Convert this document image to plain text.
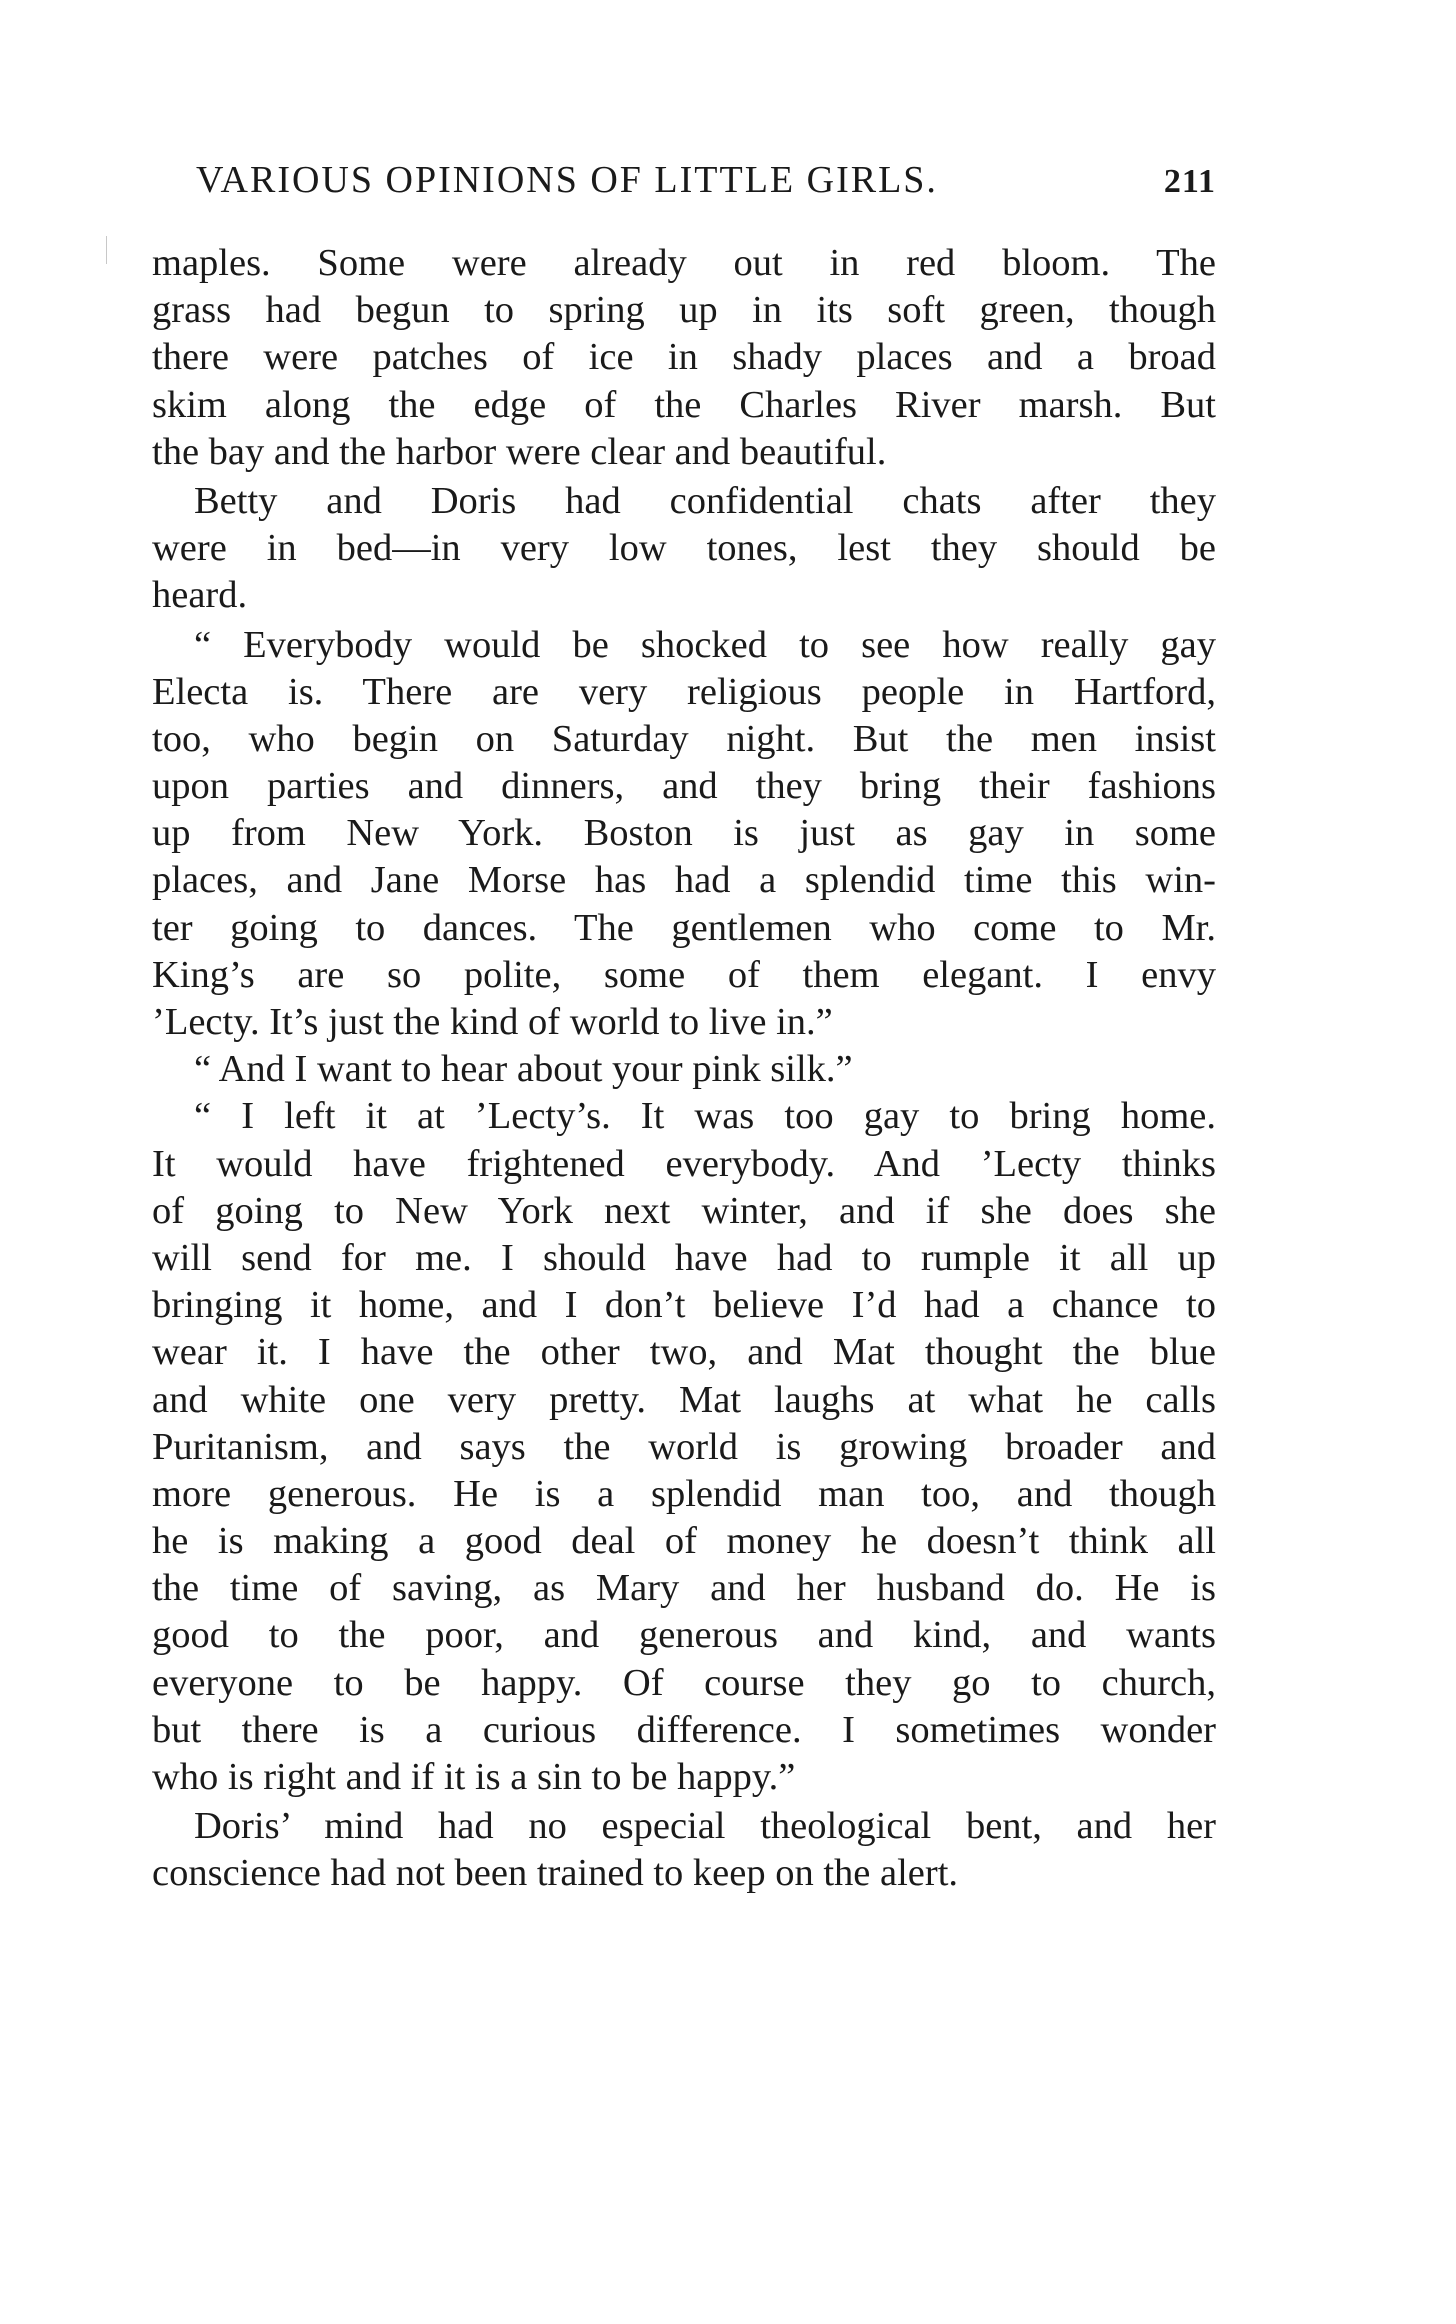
VARIOUS OPINIONS OF LITTLE GIRLS.	211
maples. Some were already out in red bloom. The
grass had begun to spring up in its soft green, though
there were patches of ice in shady places and a broad
skim along the edge of the Charles River marsh. But
the bay and the harbor were clear and beautiful.
Betty and Doris had confidential chats after they
were in bed—in very low tones, lest they should be
heard.
“ Everybody would be shocked to see how really gay
Electa is. There are very religious people in Hartford,
too, who begin on Saturday night. But the men insist
upon parties and dinners, and they bring their fashions
up from New York. Boston is just as gay in some
places, and Jane Morse has had a splendid time this win-
ter going to dances. The gentlemen who come to Mr.
King’s are so polite, some of them elegant. I envy
’Lecty. It’s just the kind of world to live in.”
“ And I want to hear about your pink silk.”
“ I left it at ’Lecty’s. It was too gay to bring home.
It would have frightened everybody. And ’Lecty thinks
of going to New York next winter, and if she does she
will send for me. I should have had to rumple it all up
bringing it home, and I don’t believe I’d had a chance to
wear it. I have the other two, and Mat thought the blue
and white one very pretty. Mat laughs at what he calls
Puritanism, and says the world is growing broader and
more generous. He is a splendid man too, and though
he is making a good deal of money he doesn’t think all
the time of saving, as Mary and her husband do. He is
good to the poor, and generous and kind, and wants
everyone to be happy. Of course they go to church,
but there is a curious difference. I sometimes wonder
who is right and if it is a sin to be happy.”
Doris’ mind had no especial theological bent, and her
conscience had not been trained to keep on the alert.
